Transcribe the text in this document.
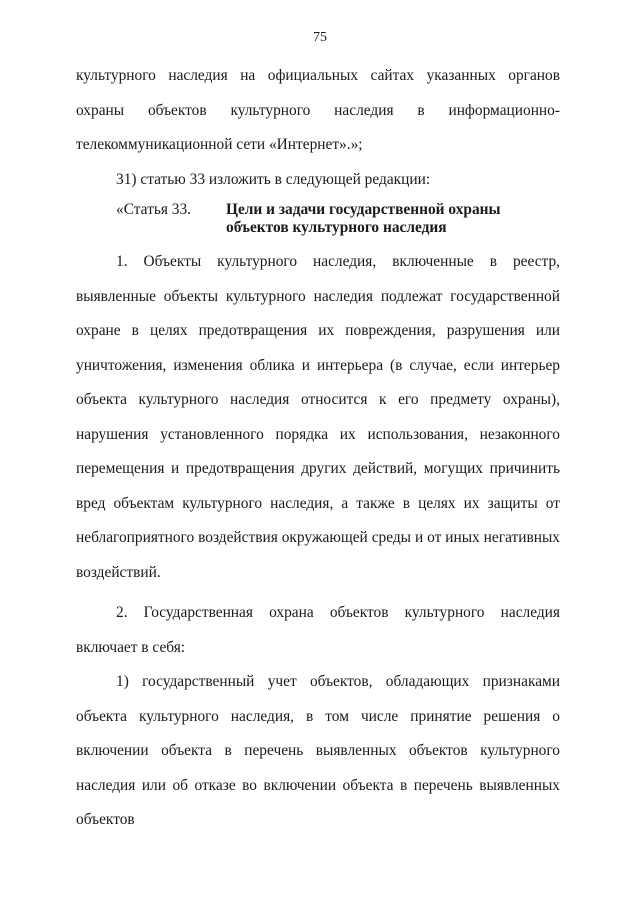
75

культурного наследия на официальных сайтах указанных органов охраны объектов культурного наследия в информационно-телекоммуникационной сети «Интернет».»;

31) статью 33 изложить в следующей редакции:

«Статья 33.	Цели и задачи государственной охраны объектов культурного наследия

1. Объекты культурного наследия, включенные в реестр, выявленные объекты культурного наследия подлежат государственной охране в целях предотвращения их повреждения, разрушения или уничтожения, изменения облика и интерьера (в случае, если интерьер объекта культурного наследия относится к его предмету охраны), нарушения установленного порядка их использования, незаконного перемещения и предотвращения других действий, могущих причинить вред объектам культурного наследия, а также в целях их защиты от неблагоприятного воздействия окружающей среды и от иных негативных воздействий.

2. Государственная охрана объектов культурного наследия включает в себя:

1) государственный учет объектов, обладающих признаками объекта культурного наследия, в том числе принятие решения о включении объекта в перечень выявленных объектов культурного наследия или об отказе во включении объекта в перечень выявленных объектов
